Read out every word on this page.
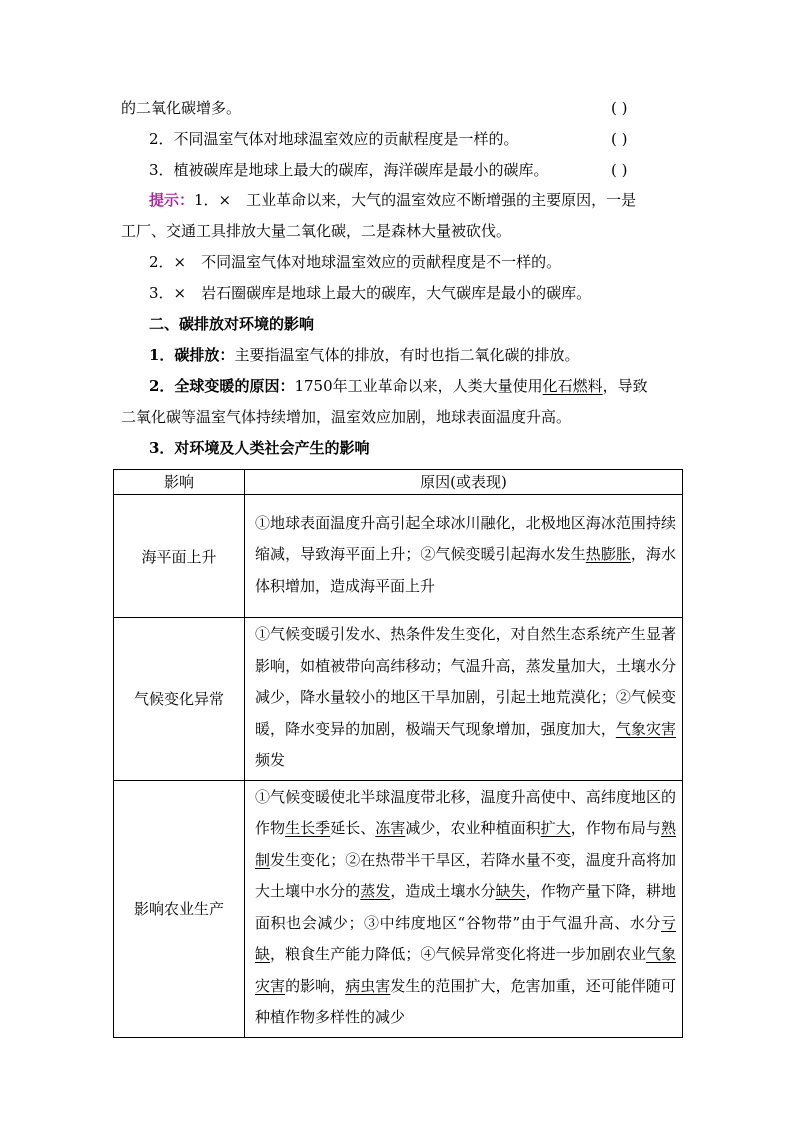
的二氧化碳增多。	( )
2．不同温室气体对地球温室效应的贡献程度是一样的。	( )
3．植被碳库是地球上最大的碳库，海洋碳库是最小的碳库。	( )
提示：1．×　工业革命以来，大气的温室效应不断增强的主要原因，一是
工厂、交通工具排放大量二氧化碳，二是森林大量被砍伐。
2．×　不同温室气体对地球温室效应的贡献程度是不一样的。
3．×　岩石圈碳库是地球上最大的碳库，大气碳库是最小的碳库。
二、碳排放对环境的影响
1．碳排放：主要指温室气体的排放，有时也指二氧化碳的排放。
2．全球变暖的原因：1750年工业革命以来，人类大量使用化石燃料，导致
二氧化碳等温室气体持续增加，温室效应加剧，地球表面温度升高。
3．对环境及人类社会产生的影响
影响	原因(或表现)
海平面上升	①地球表面温度升高引起全球冰川融化，北极地区海冰范围持续缩减，导致海平面上升；②气候变暖引起海水发生热膨胀，海水体积增加，造成海平面上升
气候变化异常	①气候变暖引发水、热条件发生变化，对自然生态系统产生显著影响，如植被带向高纬移动；气温升高，蒸发量加大，土壤水分减少，降水量较小的地区干旱加剧，引起土地荒漠化；②气候变暖，降水变异的加剧，极端天气现象增加，强度加大，气象灾害频发
影响农业生产	①气候变暖使北半球温度带北移，温度升高使中、高纬度地区的作物生长季延长、冻害减少，农业种植面积扩大，作物布局与熟制发生变化；②在热带半干旱区，若降水量不变，温度升高将加大土壤中水分的蒸发，造成土壤水分缺失，作物产量下降，耕地面积也会减少；③中纬度地区“谷物带”由于气温升高、水分亏缺，粮食生产能力降低；④气候异常变化将进一步加剧农业气象灾害的影响，病虫害发生的范围扩大，危害加重，还可能伴随可种植作物多样性的减少
